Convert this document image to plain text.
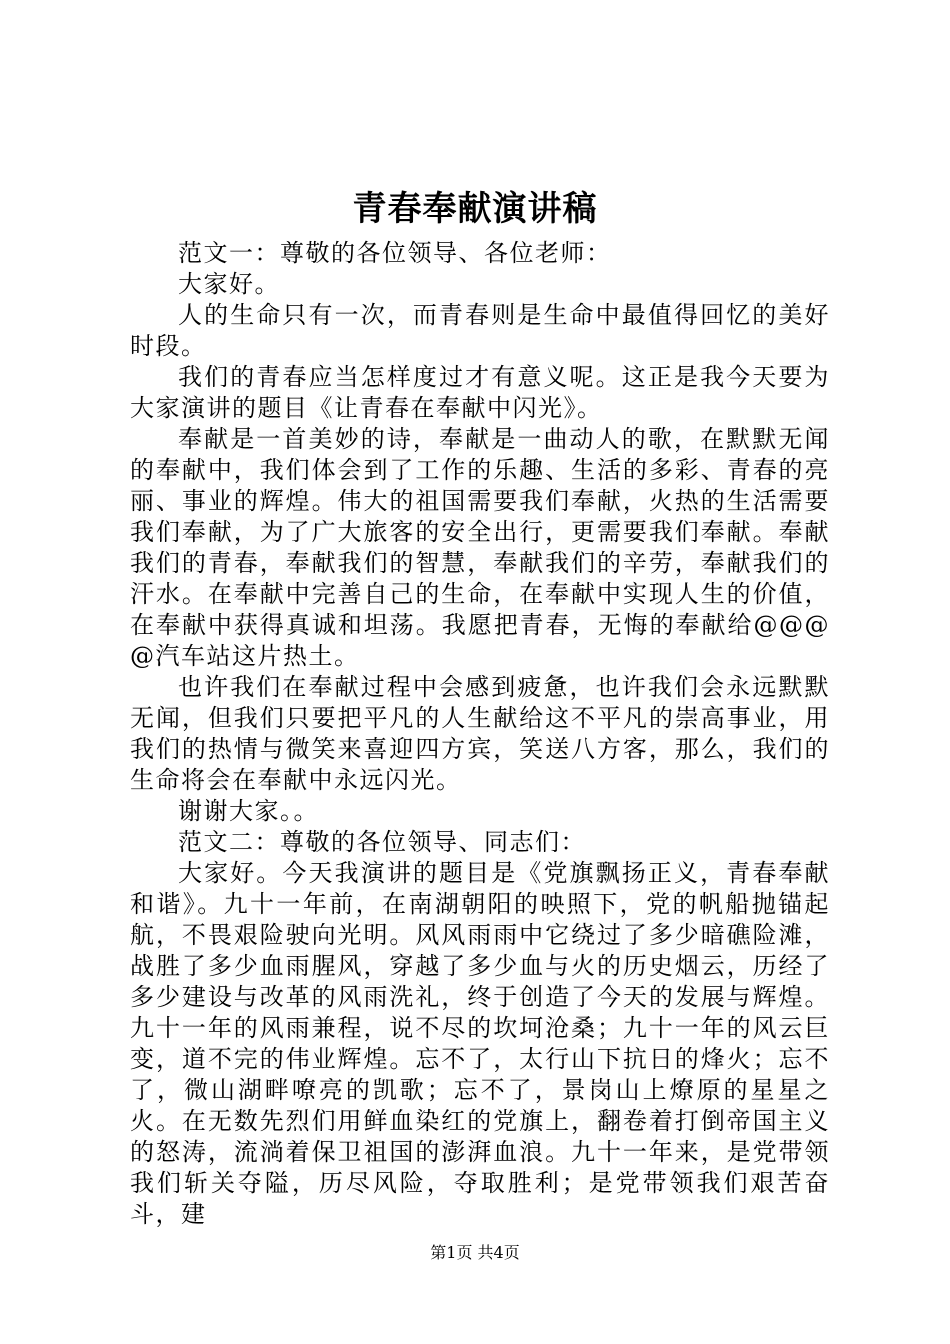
青春奉献演讲稿

范文一：尊敬的各位领导、各位老师：

大家好。

人的生命只有一次，而青春则是生命中最值得回忆的美好时段。

我们的青春应当怎样度过才有意义呢。这正是我今天要为大家演讲的题目《让青春在奉献中闪光》。

奉献是一首美妙的诗，奉献是一曲动人的歌，在默默无闻的奉献中，我们体会到了工作的乐趣、生活的多彩、青春的亮丽、事业的辉煌。伟大的祖国需要我们奉献，火热的生活需要我们奉献，为了广大旅客的安全出行，更需要我们奉献。奉献我们的青春，奉献我们的智慧，奉献我们的辛劳，奉献我们的汗水。在奉献中完善自己的生命，在奉献中实现人生的价值，在奉献中获得真诚和坦荡。我愿把青春，无悔的奉献给@@@@汽车站这片热土。

也许我们在奉献过程中会感到疲惫，也许我们会永远默默无闻，但我们只要把平凡的人生献给这不平凡的崇高事业，用我们的热情与微笑来喜迎四方宾，笑送八方客，那么，我们的生命将会在奉献中永远闪光。

谢谢大家。。

范文二：尊敬的各位领导、同志们：

大家好。今天我演讲的题目是《党旗飘扬正义，青春奉献和谐》。九十一年前，在南湖朝阳的映照下，党的帆船抛锚起航，不畏艰险驶向光明。风风雨雨中它绕过了多少暗礁险滩，战胜了多少血雨腥风，穿越了多少血与火的历史烟云，历经了多少建设与改革的风雨洗礼，终于创造了今天的发展与辉煌。九十一年的风雨兼程，说不尽的坎坷沧桑；九十一年的风云巨变，道不完的伟业辉煌。忘不了，太行山下抗日的烽火；忘不了，微山湖畔嘹亮的凯歌；忘不了，景岗山上燎原的星星之火。在无数先烈们用鲜血染红的党旗上，翻卷着打倒帝国主义的怒涛，流淌着保卫祖国的澎湃血浪。九十一年来，是党带领我们斩关夺隘，历尽风险，夺取胜利；是党带领我们艰苦奋斗，建

第1页 共4页
